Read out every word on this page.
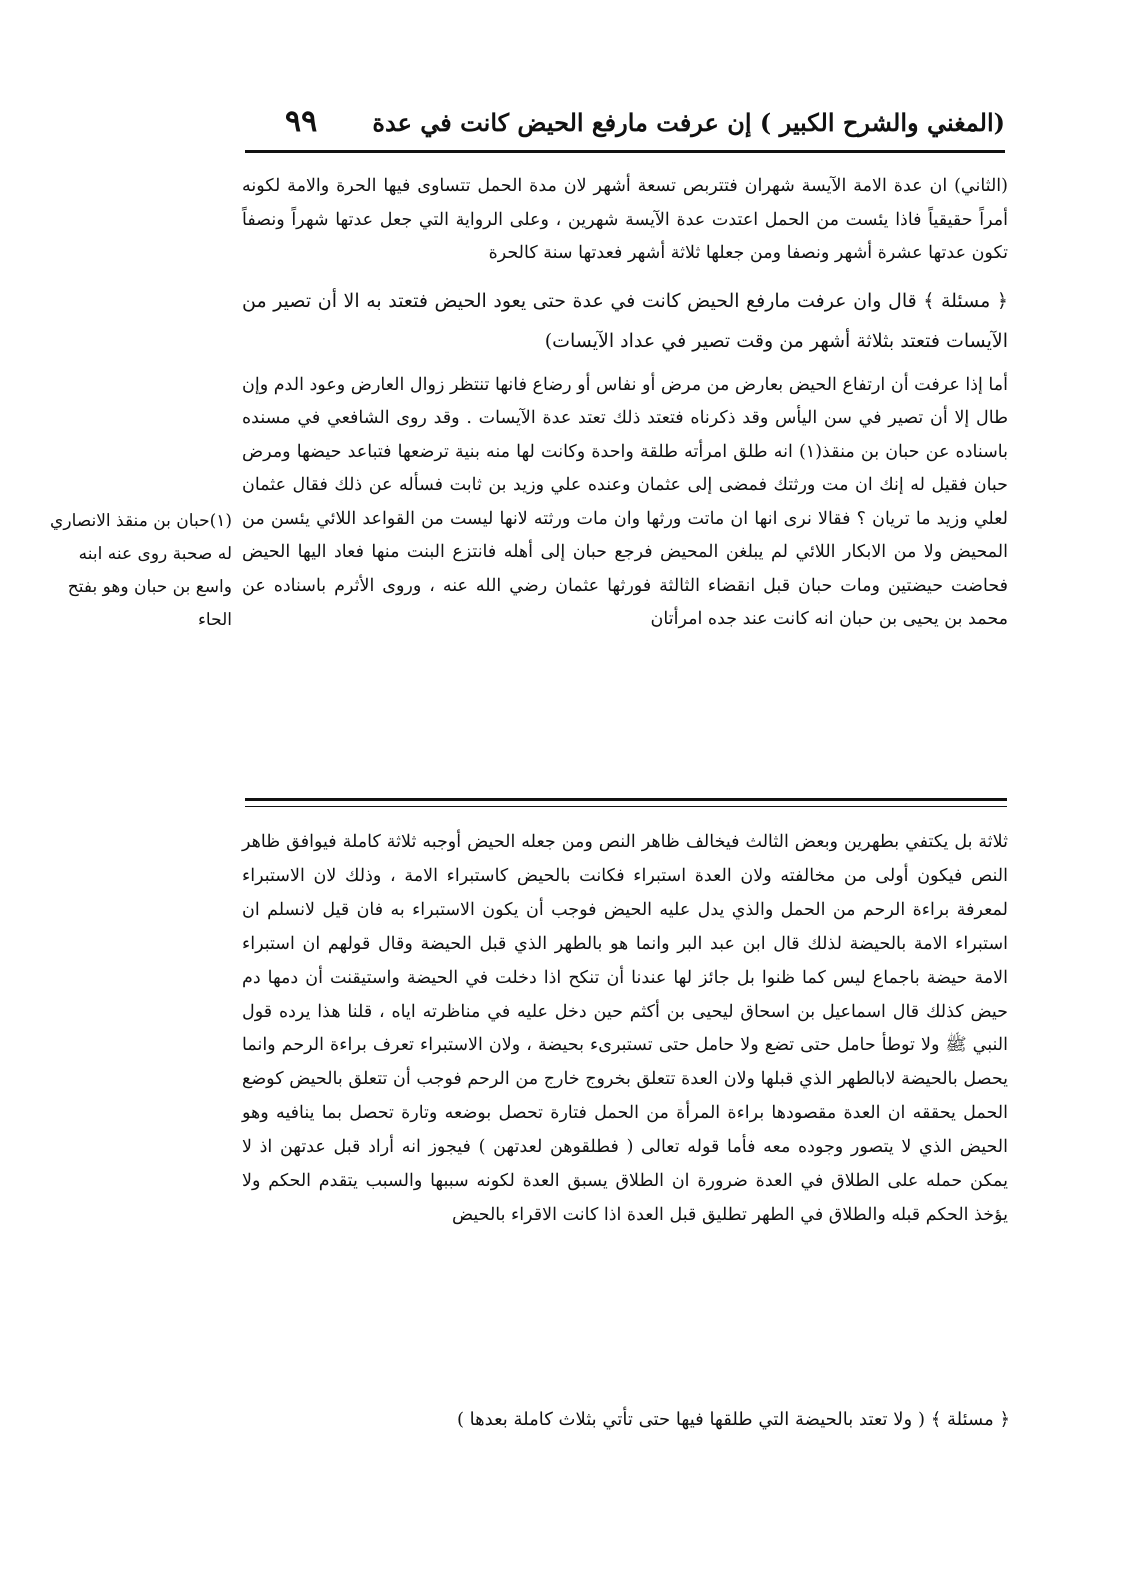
(المغني والشرح الكبير ) إن عرفت مارفع الحيض كانت في عدة
٩٩

(الثاني) ان عدة الامة الآيسة شهران فتتربص تسعة أشهر لان مدة الحمل تتساوى فيها الحرة والامة لكونه أمراً حقيقياً فاذا يئست من الحمل اعتدت عدة الآيسة شهرين ، وعلى الرواية التي جعل عدتها شهراً ونصفاً تكون عدتها عشرة أشهر ونصفا ومن جعلها ثلاثة أشهر فعدتها سنة كالحرة

﴿ مسئلة ﴾ قال وان عرفت مارفع الحيض كانت في عدة حتى يعود الحيض فتعتد به الا أن تصير من الآيسات فتعتد بثلاثة أشهر من وقت تصير في عداد الآيسات)

أما إذا عرفت أن ارتفاع الحيض بعارض من مرض أو نفاس أو رضاع فانها تنتظر زوال العارض وعود الدم وإن طال إلا أن تصير في سن اليأس وقد ذكرناه فتعتد ذلك تعتد عدة الآيسات . وقد روى الشافعي في مسنده باسناده عن حبان بن منقذ(١) انه طلق امرأته طلقة واحدة وكانت لها منه بنية ترضعها فتباعد حيضها ومرض حبان فقيل له إنك ان مت ورثتك فمضى إلى عثمان وعنده علي وزيد بن ثابت فسأله عن ذلك فقال عثمان لعلي وزيد ما تريان ؟ فقالا نرى انها ان ماتت ورثها وان مات ورثته لانها ليست من القواعد اللائي يئسن من المحيض ولا من الابكار اللائي لم يبلغن المحيض فرجع حبان إلى أهله فانتزع البنت منها فعاد اليها الحيض فحاضت حيضتين ومات حبان قبل انقضاء الثالثة فورثها عثمان رضي الله عنه ، وروى الأثرم باسناده عن محمد بن يحيى بن حبان انه كانت عند جده امرأتان

(١)حبان بن منقذ الانصاري له صحبة روى عنه ابنه واسع بن حبان وهو بفتح الحاء

ثلاثة بل يكتفي بطهرين وبعض الثالث فيخالف ظاهر النص ومن جعله الحيض أوجبه ثلاثة كاملة فيوافق ظاهر النص فيكون أولى من مخالفته ولان العدة استبراء فكانت بالحيض كاستبراء الامة ، وذلك لان الاستبراء لمعرفة براءة الرحم من الحمل والذي يدل عليه الحيض فوجب أن يكون الاستبراء به فان قيل لانسلم ان استبراء الامة بالحيضة لذلك قال ابن عبد البر وانما هو بالطهر الذي قبل الحيضة وقال قولهم ان استبراء الامة حيضة باجماع ليس كما ظنوا بل جائز لها عندنا أن تنكح اذا دخلت في الحيضة واستيقنت أن دمها دم حيض كذلك قال اسماعيل بن اسحاق ليحيى بن أكثم حين دخل عليه في مناظرته اياه ، قلنا هذا يرده قول النبي ﷺ ولا توطأ حامل حتى تضع ولا حامل حتى تستبرىء بحيضة ، ولان الاستبراء تعرف براءة الرحم وانما يحصل بالحيضة لابالطهر الذي قبلها ولان العدة تتعلق بخروج خارج من الرحم فوجب أن تتعلق بالحيض كوضع الحمل يحققه ان العدة مقصودها براءة المرأة من الحمل فتارة تحصل بوضعه وتارة تحصل بما ينافيه وهو الحيض الذي لا يتصور وجوده معه فأما قوله تعالى ( فطلقوهن لعدتهن ) فيجوز انه أراد قبل عدتهن اذ لا يمكن حمله على الطلاق في العدة ضرورة ان الطلاق يسبق العدة لكونه سببها والسبب يتقدم الحكم ولا يؤخذ الحكم قبله والطلاق في الطهر تطليق قبل العدة اذا كانت الاقراء بالحيض

﴿ مسئلة ﴾ ( ولا تعتد بالحيضة التي طلقها فيها حتى تأتي بثلاث كاملة بعدها )
